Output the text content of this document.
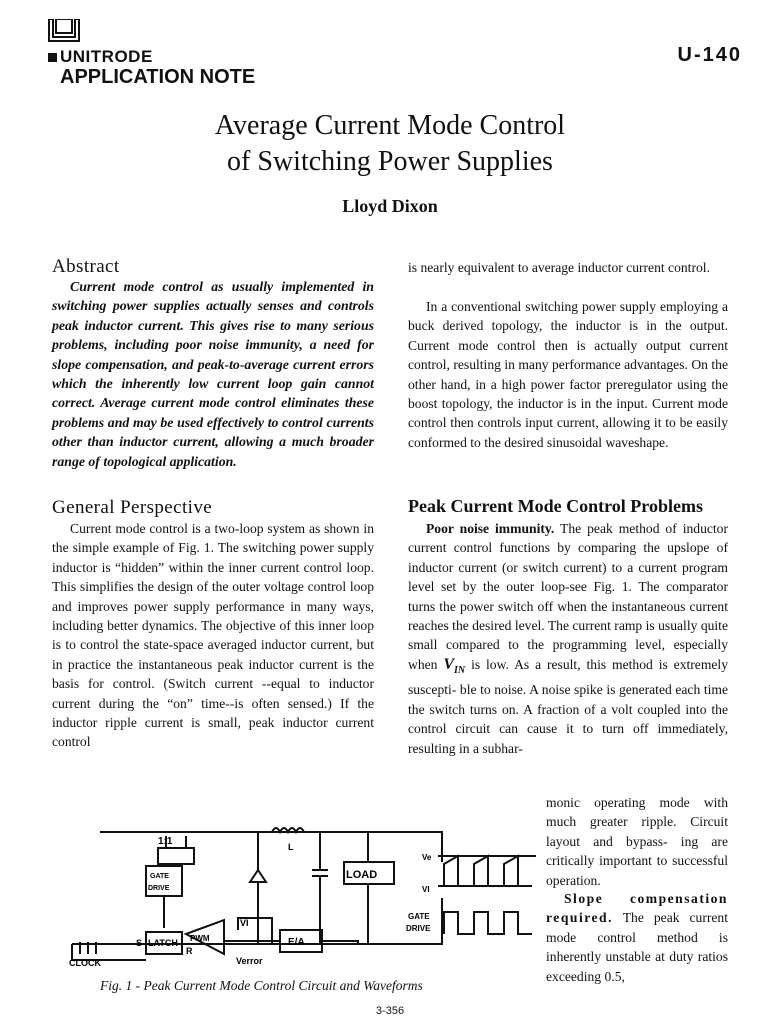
UNITRODE
APPLICATION NOTE
U-140
Average Current Mode Control
of Switching Power Supplies
Lloyd Dixon
Abstract
Current mode control as usually implemented in switching power supplies actually senses and controls peak inductor current. This gives rise to many serious problems, including poor noise immunity, a need for slope compensation, and peak-to-average current errors which the inherently low current loop gain cannot correct. Average current mode control eliminates these problems and may be used effectively to control currents other than inductor current, allowing a much broader range of topological application.
General Perspective
Current mode control is a two-loop system as shown in the simple example of Fig. 1. The switching power supply inductor is “hidden” within the inner current control loop. This simplifies the design of the outer voltage control loop and improves power supply performance in many ways, including better dynamics. The objective of this inner loop is to control the state-space averaged inductor current, but in practice the instantaneous peak inductor current is the basis for control. (Switch current --equal to inductor current during the “on” time--is often sensed.) If the inductor ripple current is small, peak inductor current control
is nearly equivalent to average inductor current control.
In a conventional switching power supply employing a buck derived topology, the inductor is in the output. Current mode control then is actually output current control, resulting in many performance advantages. On the other hand, in a high power factor preregulator using the boost topology, the inductor is in the input. Current mode control then controls input current, allowing it to be easily conformed to the desired sinusoidal waveshape.
Peak Current Mode Control Problems
Poor noise immunity. The peak method of inductor current control functions by comparing the upslope of inductor current (or switch current) to a current program level set by the outer loop-see Fig. 1. The comparator turns the power switch off when the instantaneous current reaches the desired level. The current ramp is usually quite small compared to the programming level, especially when $V_{IN}$ is low. As a result, this method is extremely suscepti- ble to noise. A noise spike is generated each time the switch turns on. A fraction of a volt coupled into the control circuit can cause it to turn off immediately, resulting in a subhar-
monic operating mode with much greater ripple. Circuit layout and bypass- ing are critically important to successful operation.
Slope compensation required. The peak current mode control method is inherently unstable at duty ratios exceeding 0.5,
CLOCK
GATE
DRIVE
LOAD
LATCH PWM	E/A
Verror
VI
S
R
L
1:1
Ve
VI
GATE
DRIVE
Fig. 1 - Peak Current Mode Control Circuit and Waveforms
3-356
